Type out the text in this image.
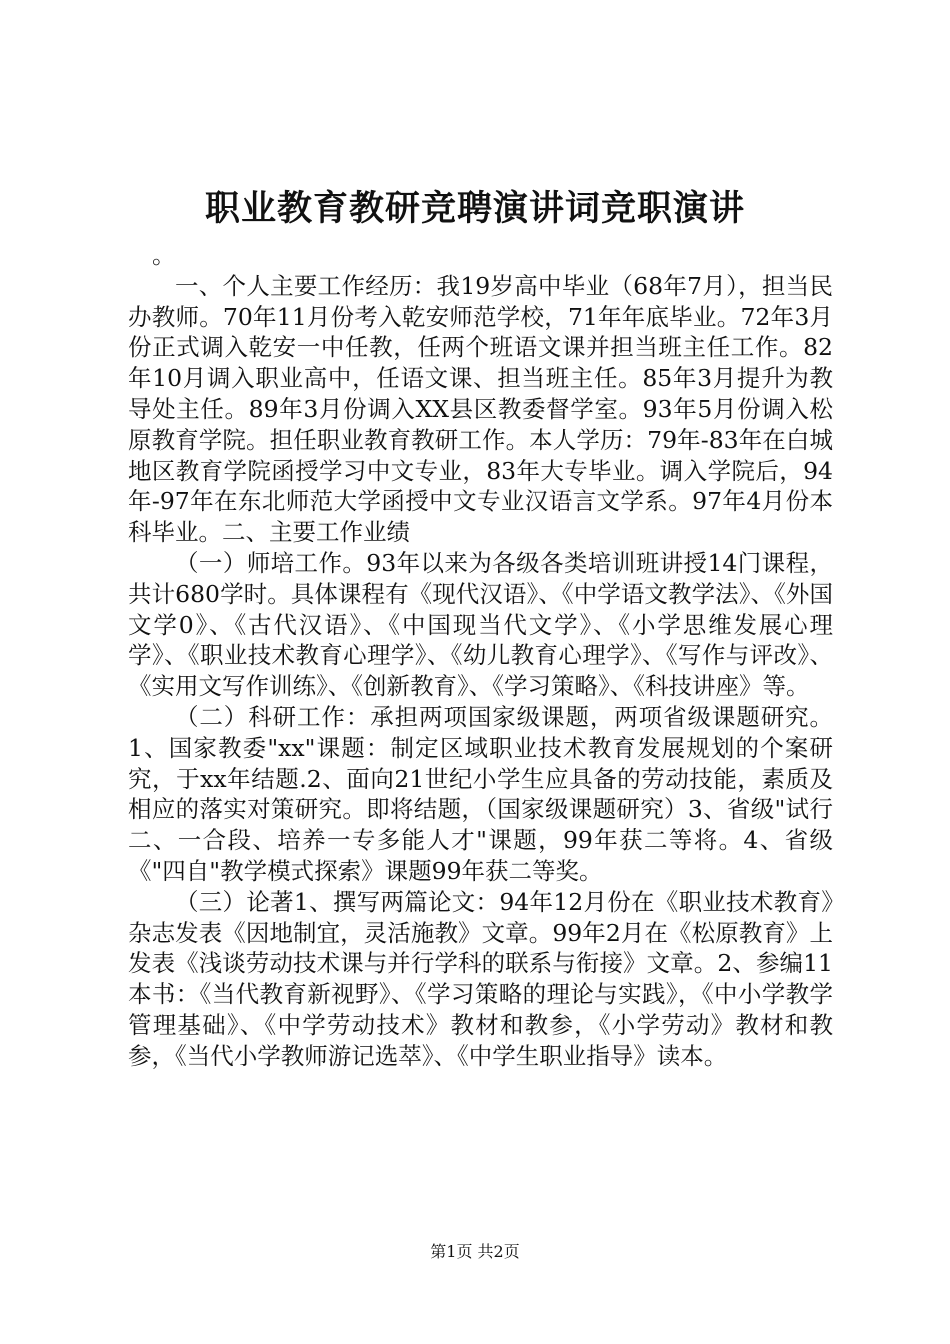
职业教育教研竞聘演讲词竞职演讲

。

一、个人主要工作经历：我19岁高中毕业（68年7月），担当民办教师。70年11月份考入乾安师范学校，71年年底毕业。72年3月份正式调入乾安一中任教，任两个班语文课并担当班主任工作。82年10月调入职业高中，任语文课、担当班主任。85年3月提升为教导处主任。89年3月份调入XX县区教委督学室。93年5月份调入松原教育学院。担任职业教育教研工作。本人学历：79年-83年在白城地区教育学院函授学习中文专业，83年大专毕业。调入学院后，94年-97年在东北师范大学函授中文专业汉语言文学系。97年4月份本科毕业。二、主要工作业绩

（一）师培工作。93年以来为各级各类培训班讲授14门课程，共计680学时。具体课程有《现代汉语》、《中学语文教学法》、《外国文学0》、《古代汉语》、《中国现当代文学》、《小学思维发展心理学》、《职业技术教育心理学》、《幼儿教育心理学》、《写作与评改》、《实用文写作训练》、《创新教育》、《学习策略》、《科技讲座》等。

（二）科研工作：承担两项国家级课题，两项省级课题研究。1、国家教委"xx"课题：制定区域职业技术教育发展规划的个案研究，于xx年结题.2、面向21世纪小学生应具备的劳动技能，素质及相应的落实对策研究。即将结题，（国家级课题研究）3、省级"试行二、一合段、培养一专多能人才"课题，99年获二等将。4、省级《"四自"教学模式探索》课题99年获二等奖。

（三）论著1、撰写两篇论文：94年12月份在《职业技术教育》杂志发表《因地制宜，灵活施教》文章。99年2月在《松原教育》上发表《浅谈劳动技术课与并行学科的联系与衔接》文章。2、参编11本书：《当代教育新视野》、《学习策略的理论与实践》，《中小学教学管理基础》、《中学劳动技术》教材和教参，《小学劳动》教材和教参，《当代小学教师游记选萃》、《中学生职业指导》读本。

第1页 共2页
